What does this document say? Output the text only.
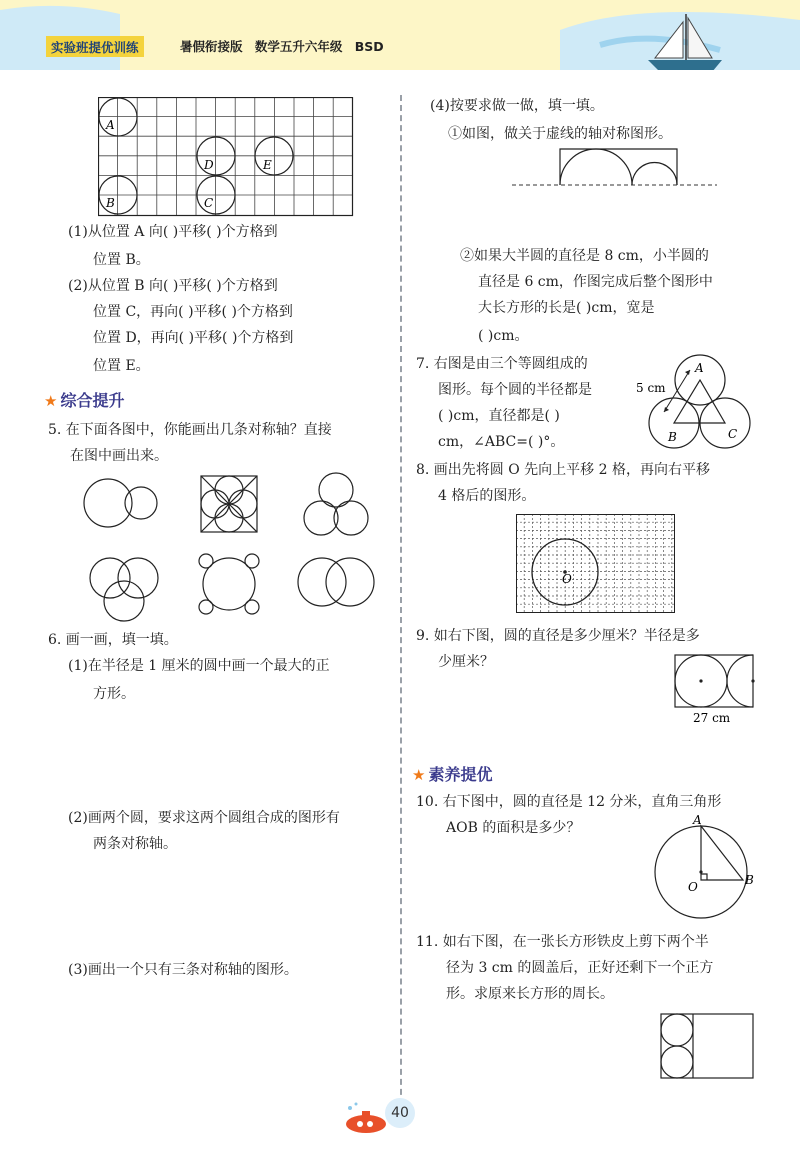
实验班提优训练	暑假衔接版 数学五升六年级 BSD
A
B	C
D	E
(1)从位置 A 向( )平移( )个方格到
位置 B。
(2)从位置 B 向( )平移( )个方格到
位置 C，再向( )平移( )个方格到
位置 D，再向( )平移( )个方格到
位置 E。
★ 综合提升
5. 在下面各图中，你能画出几条对称轴？直接
在图中画出来。
6. 画一画，填一填。
(1)在半径是 1 厘米的圆中画一个最大的正
方形。
(2)画两个圆，要求这两个圆组合成的图形有
两条对称轴。
(3)画出一个只有三条对称轴的图形。
(4)按要求做一做，填一填。
①如图，做关于虚线的轴对称图形。
②如果大半圆的直径是 8 cm，小半圆的
直径是 6 cm，作图完成后整个图形中
大长方形的长是( )cm，宽是
( )cm。
7. 右图是由三个等圆组成的
图形。每个圆的半径都是
( )cm，直径都是( )
cm，∠ABC=( )°。
5 cm
A
B	C
8. 画出先将圆 O 先向上平移 2 格，再向右平移
4 格后的图形。
O
9. 如右下图，圆的直径是多少厘米？半径是多
少厘米？
27 cm
★ 素养提优
10. 右下图中，圆的直径是 12 分米，直角三角形
AOB 的面积是多少？	A
O	B
11. 如右下图，在一张长方形铁皮上剪下两个半
径为 3 cm 的圆盖后，正好还剩下一个正方
形。求原来长方形的周长。
40
